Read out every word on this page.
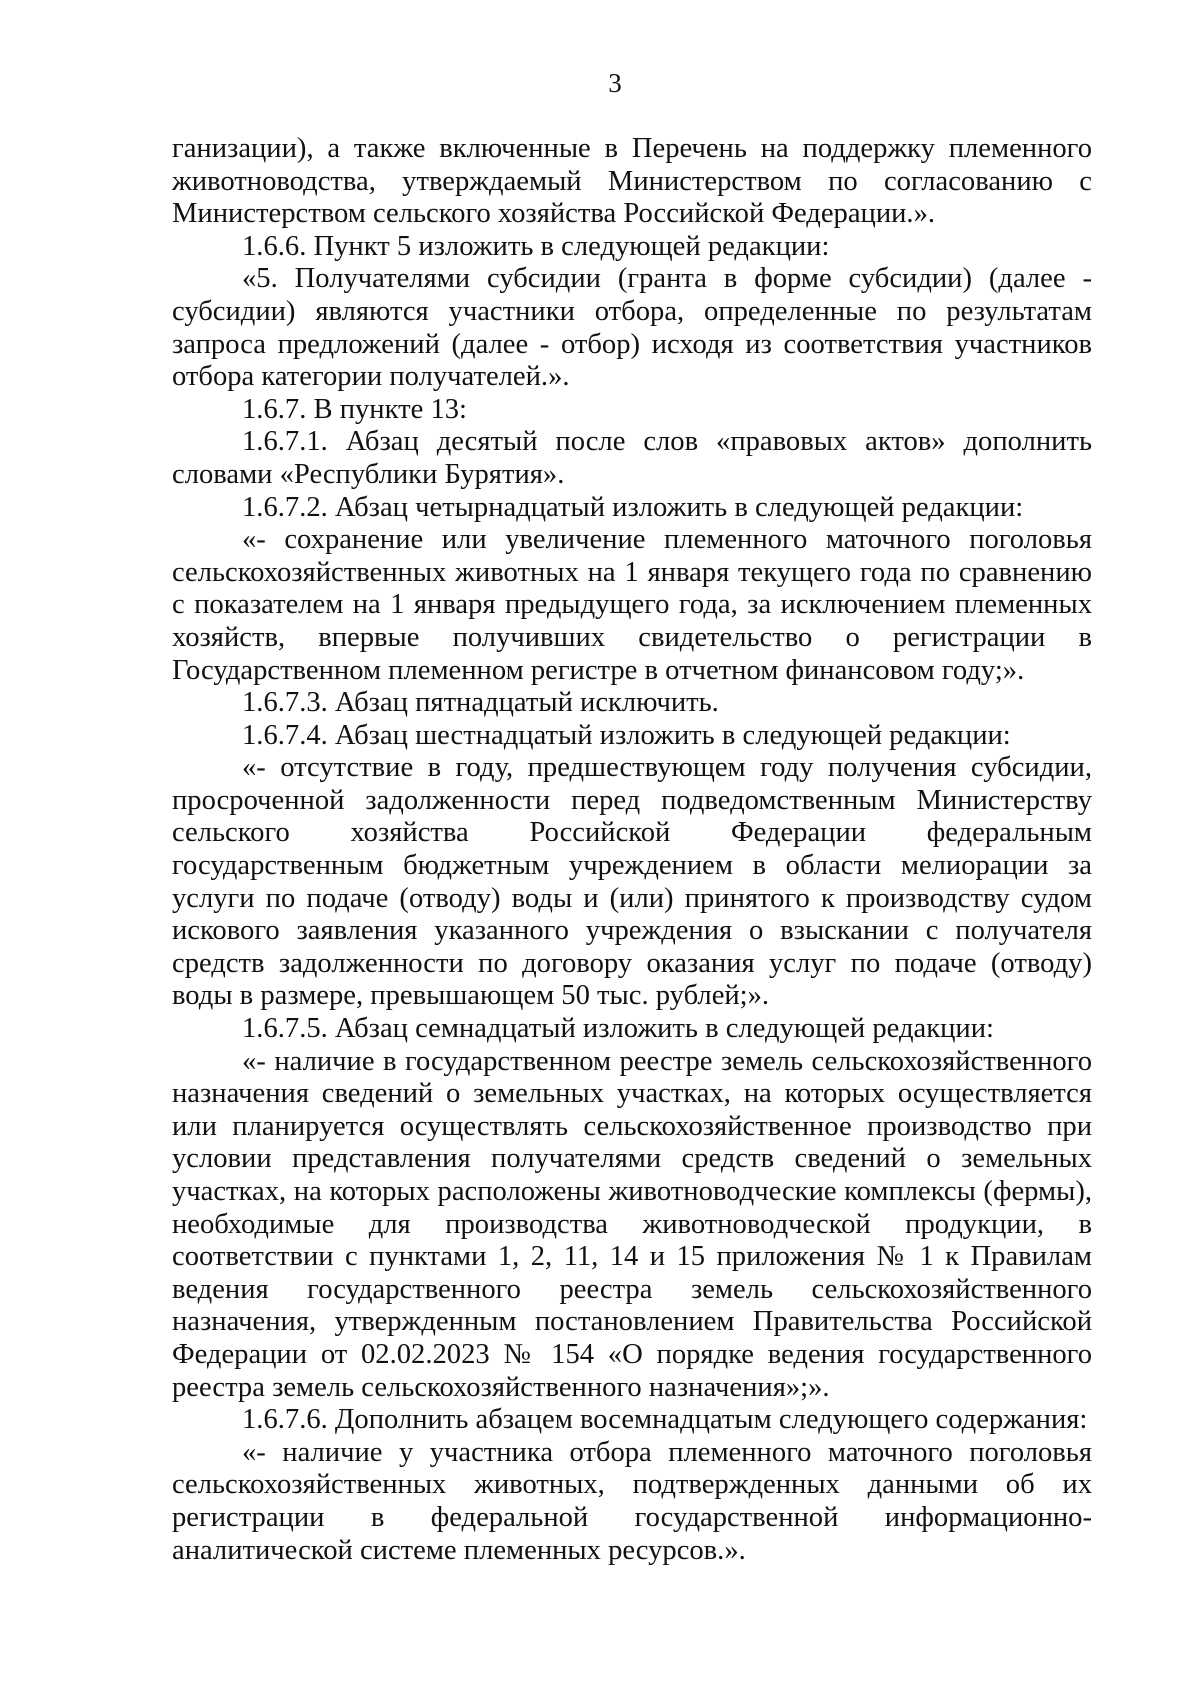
3

ганизации), а также включенные в Перечень на поддержку племенного животноводства, утверждаемый Министерством по согласованию с Министерством сельского хозяйства Российской Федерации.».

1.6.6. Пункт 5 изложить в следующей редакции:

«5. Получателями субсидии (гранта в форме субсидии) (далее - субсидии) являются участники отбора, определенные по результатам запроса предложений (далее - отбор) исходя из соответствия участников отбора категории получателей.».

1.6.7. В пункте 13:

1.6.7.1. Абзац десятый после слов «правовых актов» дополнить словами «Республики Бурятия».

1.6.7.2. Абзац четырнадцатый изложить в следующей редакции:

«- сохранение или увеличение племенного маточного поголовья сельскохозяйственных животных на 1 января текущего года по сравнению с показателем на 1 января предыдущего года, за исключением племенных хозяйств, впервые получивших свидетельство о регистрации в Государственном племенном регистре в отчетном финансовом году;».

1.6.7.3. Абзац пятнадцатый исключить.

1.6.7.4. Абзац шестнадцатый изложить в следующей редакции:

«- отсутствие в году, предшествующем году получения субсидии, просроченной задолженности перед подведомственным Министерству сельского хозяйства Российской Федерации федеральным государственным бюджетным учреждением в области мелиорации за услуги по подаче (отводу) воды и (или) принятого к производству судом искового заявления указанного учреждения о взыскании с получателя средств задолженности по договору оказания услуг по подаче (отводу) воды в размере, превышающем 50 тыс. рублей;».

1.6.7.5. Абзац семнадцатый изложить в следующей редакции:

«- наличие в государственном реестре земель сельскохозяйственного назначения сведений о земельных участках, на которых осуществляется или планируется осуществлять сельскохозяйственное производство при условии представления получателями средств сведений о земельных участках, на которых расположены животноводческие комплексы (фермы), необходимые для производства животноводческой продукции, в соответствии с пунктами 1, 2, 11, 14 и 15 приложения № 1 к Правилам ведения государственного реестра земель сельскохозяйственного назначения, утвержденным постановлением Правительства Российской Федерации от 02.02.2023 № 154 «О порядке ведения государственного реестра земель сельскохозяйственного назначения»;».

1.6.7.6. Дополнить абзацем восемнадцатым следующего содержания:

«- наличие у участника отбора племенного маточного поголовья сельскохозяйственных животных, подтвержденных данными об их регистрации в федеральной государственной информационно-аналитической системе племенных ресурсов.».
